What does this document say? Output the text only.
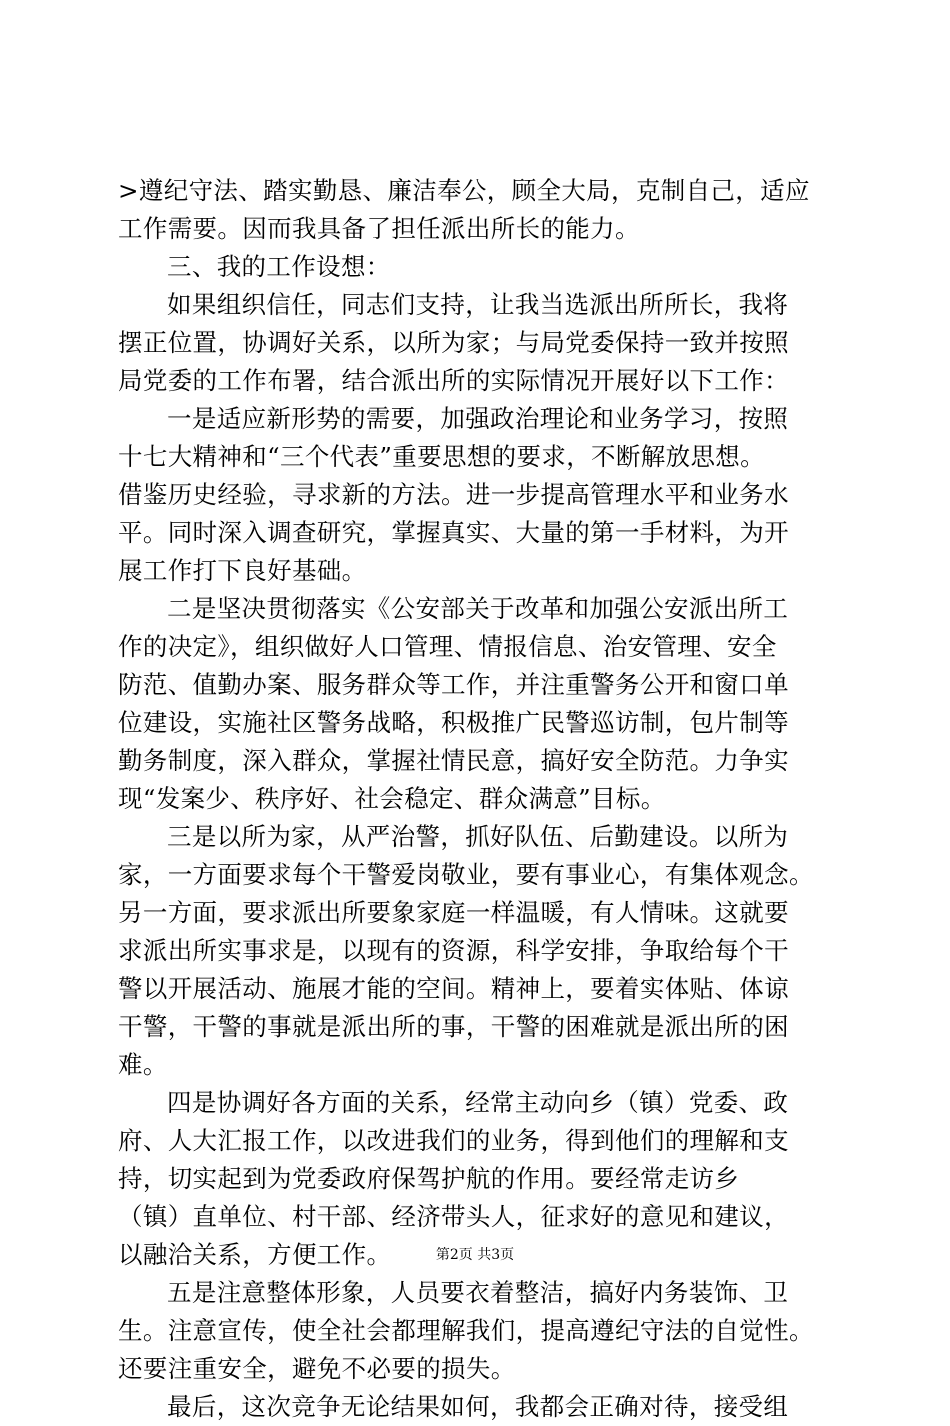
>遵纪守法、踏实勤恳、廉洁奉公，顾全大局，克制自己，适应
工作需要。因而我具备了担任派出所长的能力。
三、我的工作设想：
如果组织信任，同志们支持，让我当选派出所所长，我将
摆正位置，协调好关系，以所为家；与局党委保持一致并按照
局党委的工作布署，结合派出所的实际情况开展好以下工作：
一是适应新形势的需要，加强政治理论和业务学习，按照
十七大精神和“三个代表”重要思想的要求，不断解放思想。
借鉴历史经验，寻求新的方法。进一步提高管理水平和业务水
平。同时深入调查研究，掌握真实、大量的第一手材料，为开
展工作打下良好基础。
二是坚决贯彻落实《公安部关于改革和加强公安派出所工
作的决定》，组织做好人口管理、情报信息、治安管理、安全
防范、值勤办案、服务群众等工作，并注重警务公开和窗口单
位建设，实施社区警务战略，积极推广民警巡访制，包片制等
勤务制度，深入群众，掌握社情民意，搞好安全防范。力争实
现“发案少、秩序好、社会稳定、群众满意”目标。
三是以所为家，从严治警，抓好队伍、后勤建设。以所为
家，一方面要求每个干警爱岗敬业，要有事业心，有集体观念。
另一方面，要求派出所要象家庭一样温暖，有人情味。这就要
求派出所实事求是，以现有的资源，科学安排，争取给每个干
警以开展活动、施展才能的空间。精神上，要着实体贴、体谅
干警，干警的事就是派出所的事，干警的困难就是派出所的困
难。
四是协调好各方面的关系，经常主动向乡（镇）党委、政
府、人大汇报工作，以改进我们的业务，得到他们的理解和支
持，切实起到为党委政府保驾护航的作用。要经常走访乡
（镇）直单位、村干部、经济带头人，征求好的意见和建议，
以融洽关系，方便工作。
五是注意整体形象，人员要衣着整洁，搞好内务装饰、卫
生。注意宣传，使全社会都理解我们，提高遵纪守法的自觉性。
还要注重安全，避免不必要的损失。
最后，这次竞争无论结果如何，我都会正确对待，接受组
第2页 共3页
